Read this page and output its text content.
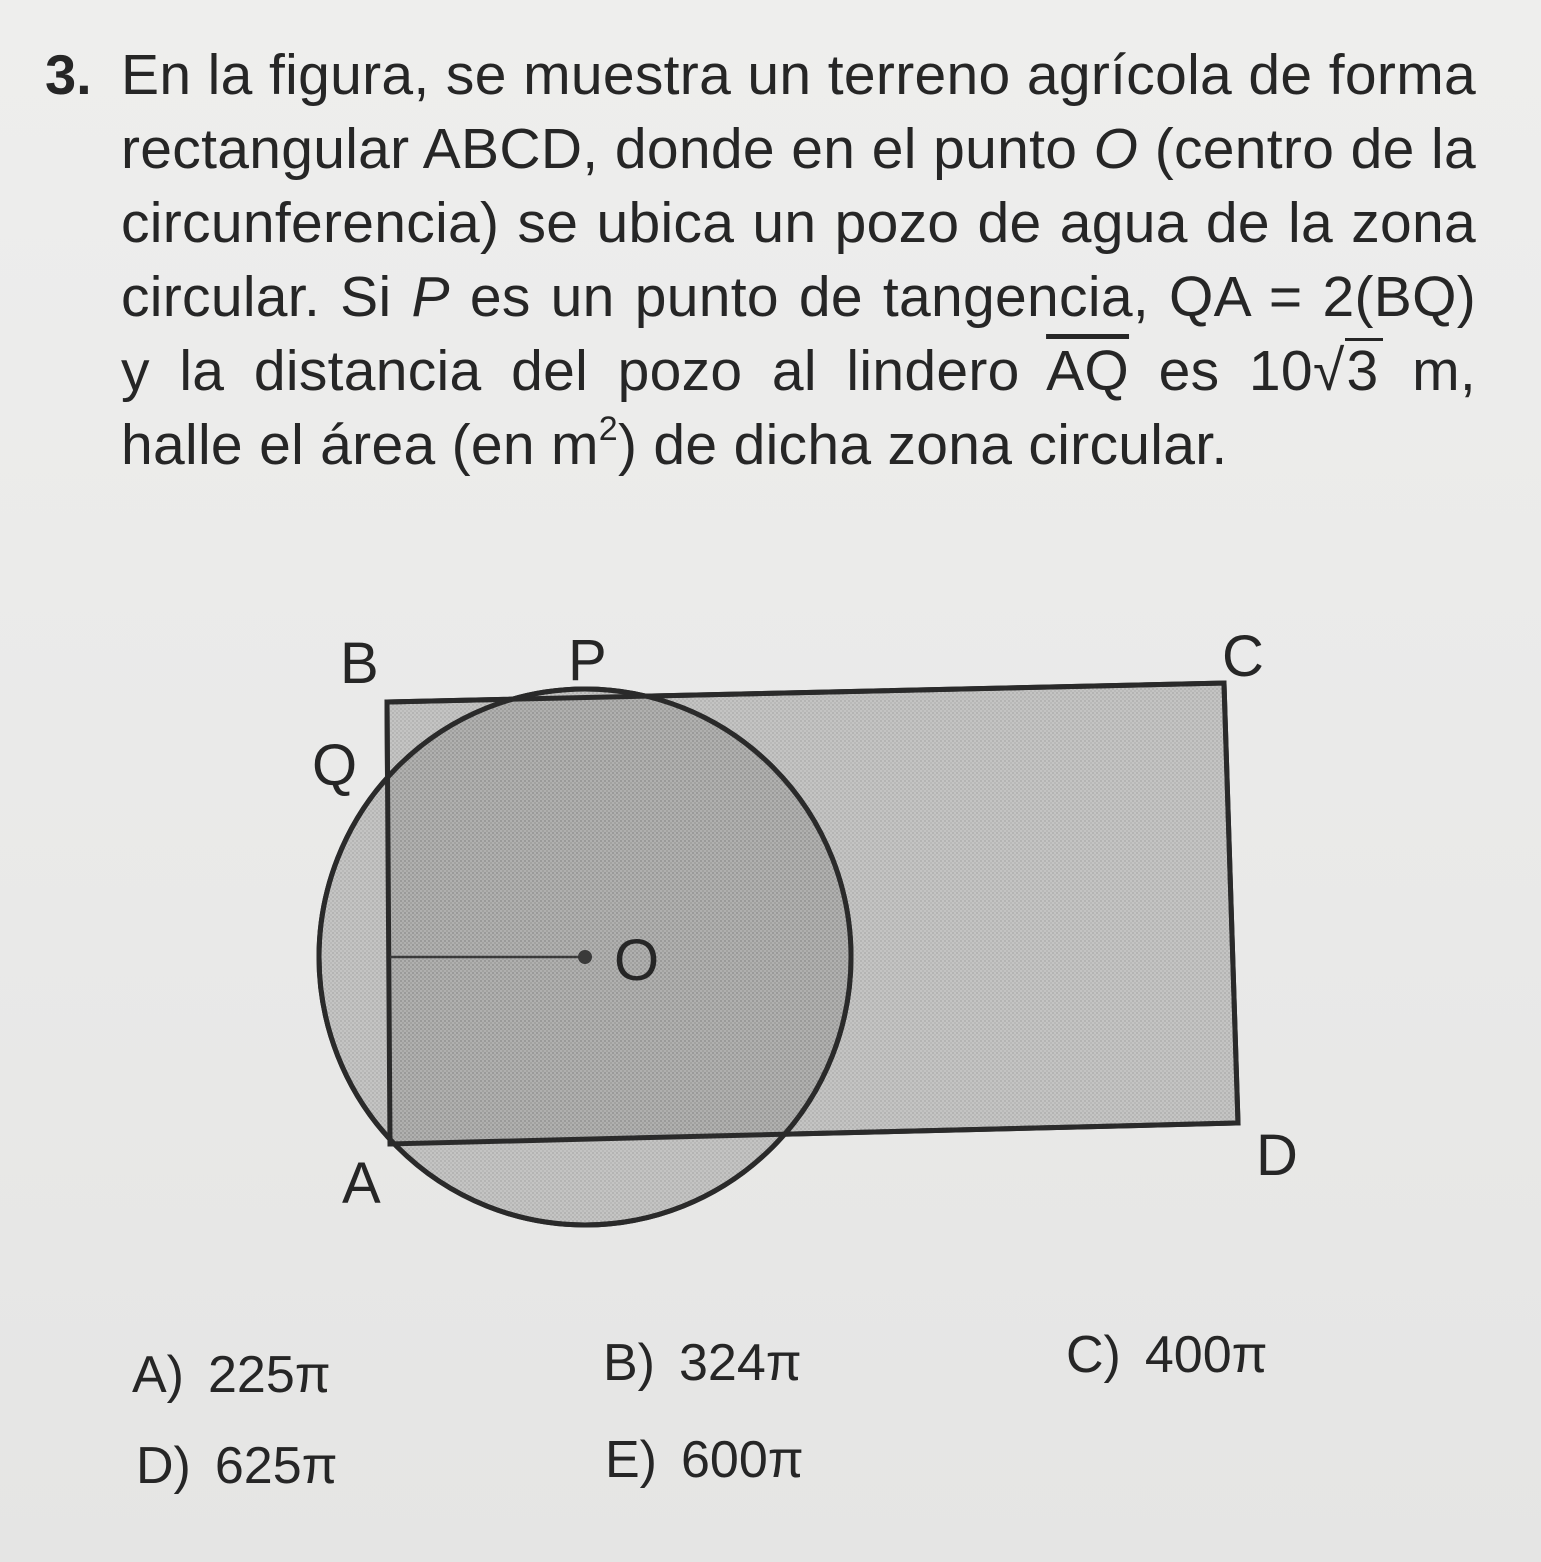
3. En la figura, se muestra un terreno agrícola de forma rectangular ABCD, donde en el punto O (centro de la circunferencia) se ubica un pozo de agua de la zona circular. Si P es un punto de tangencia, QA = 2(BQ) y la distancia del pozo al lindero $\overline{AQ}$ es 10√3 m, halle el área (en $m^2$) de dicha zona circular.
B	P	C
Q
O
A	D
A) 225π	B) 324π	C) 400π
D) 625π	E) 600π
